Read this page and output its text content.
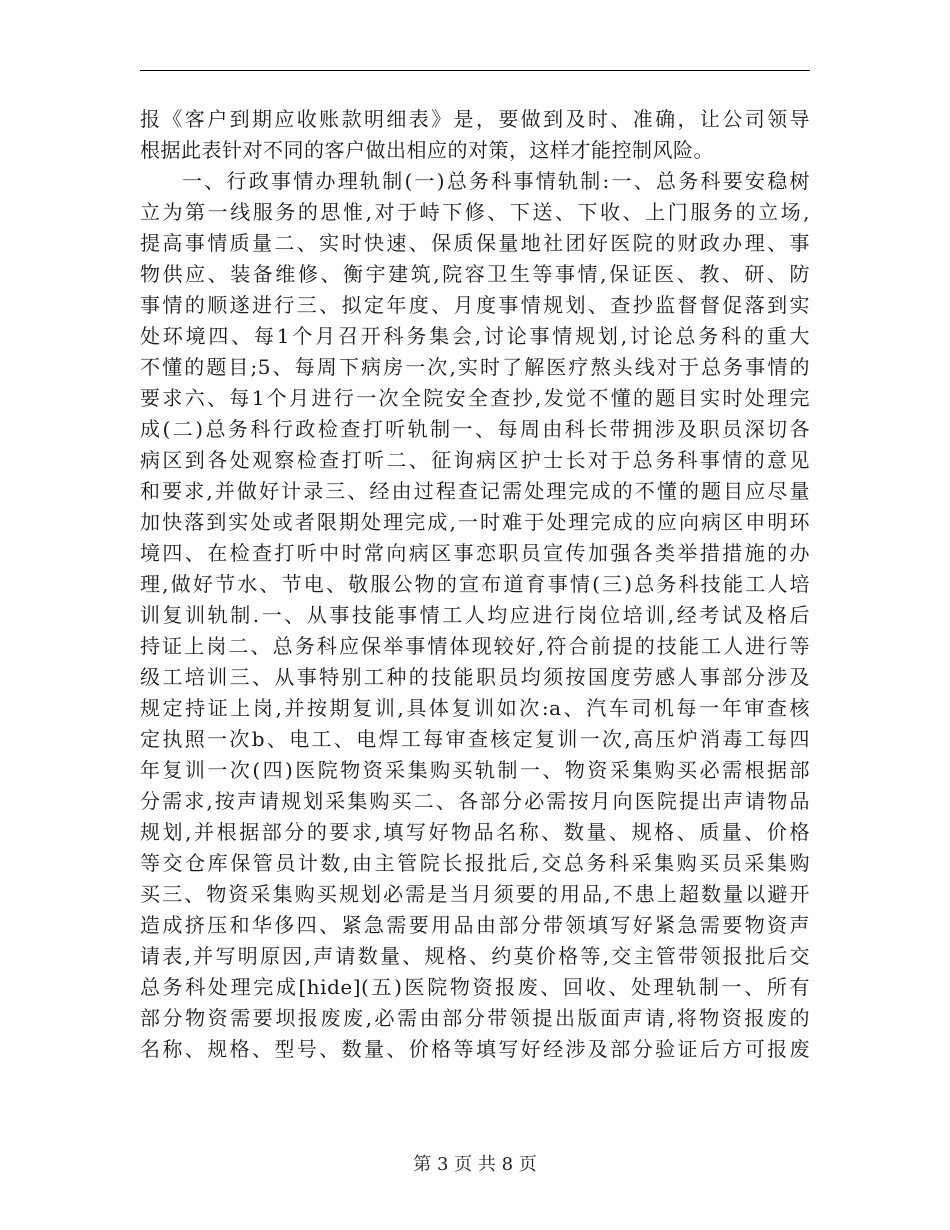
报《客户到期应收账款明细表》是，要做到及时、准确，让公司领导
根据此表针对不同的客户做出相应的对策，这样才能控制风险。
一、行政事情办理轨制(一)总务科事情轨制:一、总务科要安稳树
立为第一线服务的思惟,对于峙下修、下送、下收、上门服务的立场,
提高事情质量二、实时快速、保质保量地社团好医院的财政办理、事
物供应、装备维修、衡宇建筑,院容卫生等事情,保证医、教、研、防
事情的顺遂进行三、拟定年度、月度事情规划、查抄监督督促落到实
处环境四、每1个月召开科务集会,讨论事情规划,讨论总务科的重大
不懂的题目;5、每周下病房一次,实时了解医疗熬头线对于总务事情的
要求六、每1个月进行一次全院安全查抄,发觉不懂的题目实时处理完
成(二)总务科行政检查打听轨制一、每周由科长带拥涉及职员深切各
病区到各处观察检查打听二、征询病区护士长对于总务科事情的意见
和要求,并做好计录三、经由过程查记需处理完成的不懂的题目应尽量
加快落到实处或者限期处理完成,一时难于处理完成的应向病区申明环
境四、在检查打听中时常向病区事恋职员宣传加强各类举措措施的办
理,做好节水、节电、敬服公物的宣布道育事情(三)总务科技能工人培
训复训轨制.一、从事技能事情工人均应进行岗位培训,经考试及格后
持证上岗二、总务科应保举事情体现较好,符合前提的技能工人进行等
级工培训三、从事特别工种的技能职员均须按国度劳感人事部分涉及
规定持证上岗,并按期复训,具体复训如次:a、汽车司机每一年审查核
定执照一次b、电工、电焊工每审查核定复训一次,高压炉消毒工每四
年复训一次(四)医院物资采集购买轨制一、物资采集购买必需根据部
分需求,按声请规划采集购买二、各部分必需按月向医院提出声请物品
规划,并根据部分的要求,填写好物品名称、数量、规格、质量、价格
等交仓库保管员计数,由主管院长报批后,交总务科采集购买员采集购
买三、物资采集购买规划必需是当月须要的用品,不患上超数量以避开
造成挤压和华侈四、紧急需要用品由部分带领填写好紧急需要物资声
请表,并写明原因,声请数量、规格、约莫价格等,交主管带领报批后交
总务科处理完成[hide](五)医院物资报废、回收、处理轨制一、所有
部分物资需要坝报废废,必需由部分带领提出版面声请,将物资报废的
名称、规格、型号、数量、价格等填写好经涉及部分验证后方可报废
第 3 页 共 8 页
